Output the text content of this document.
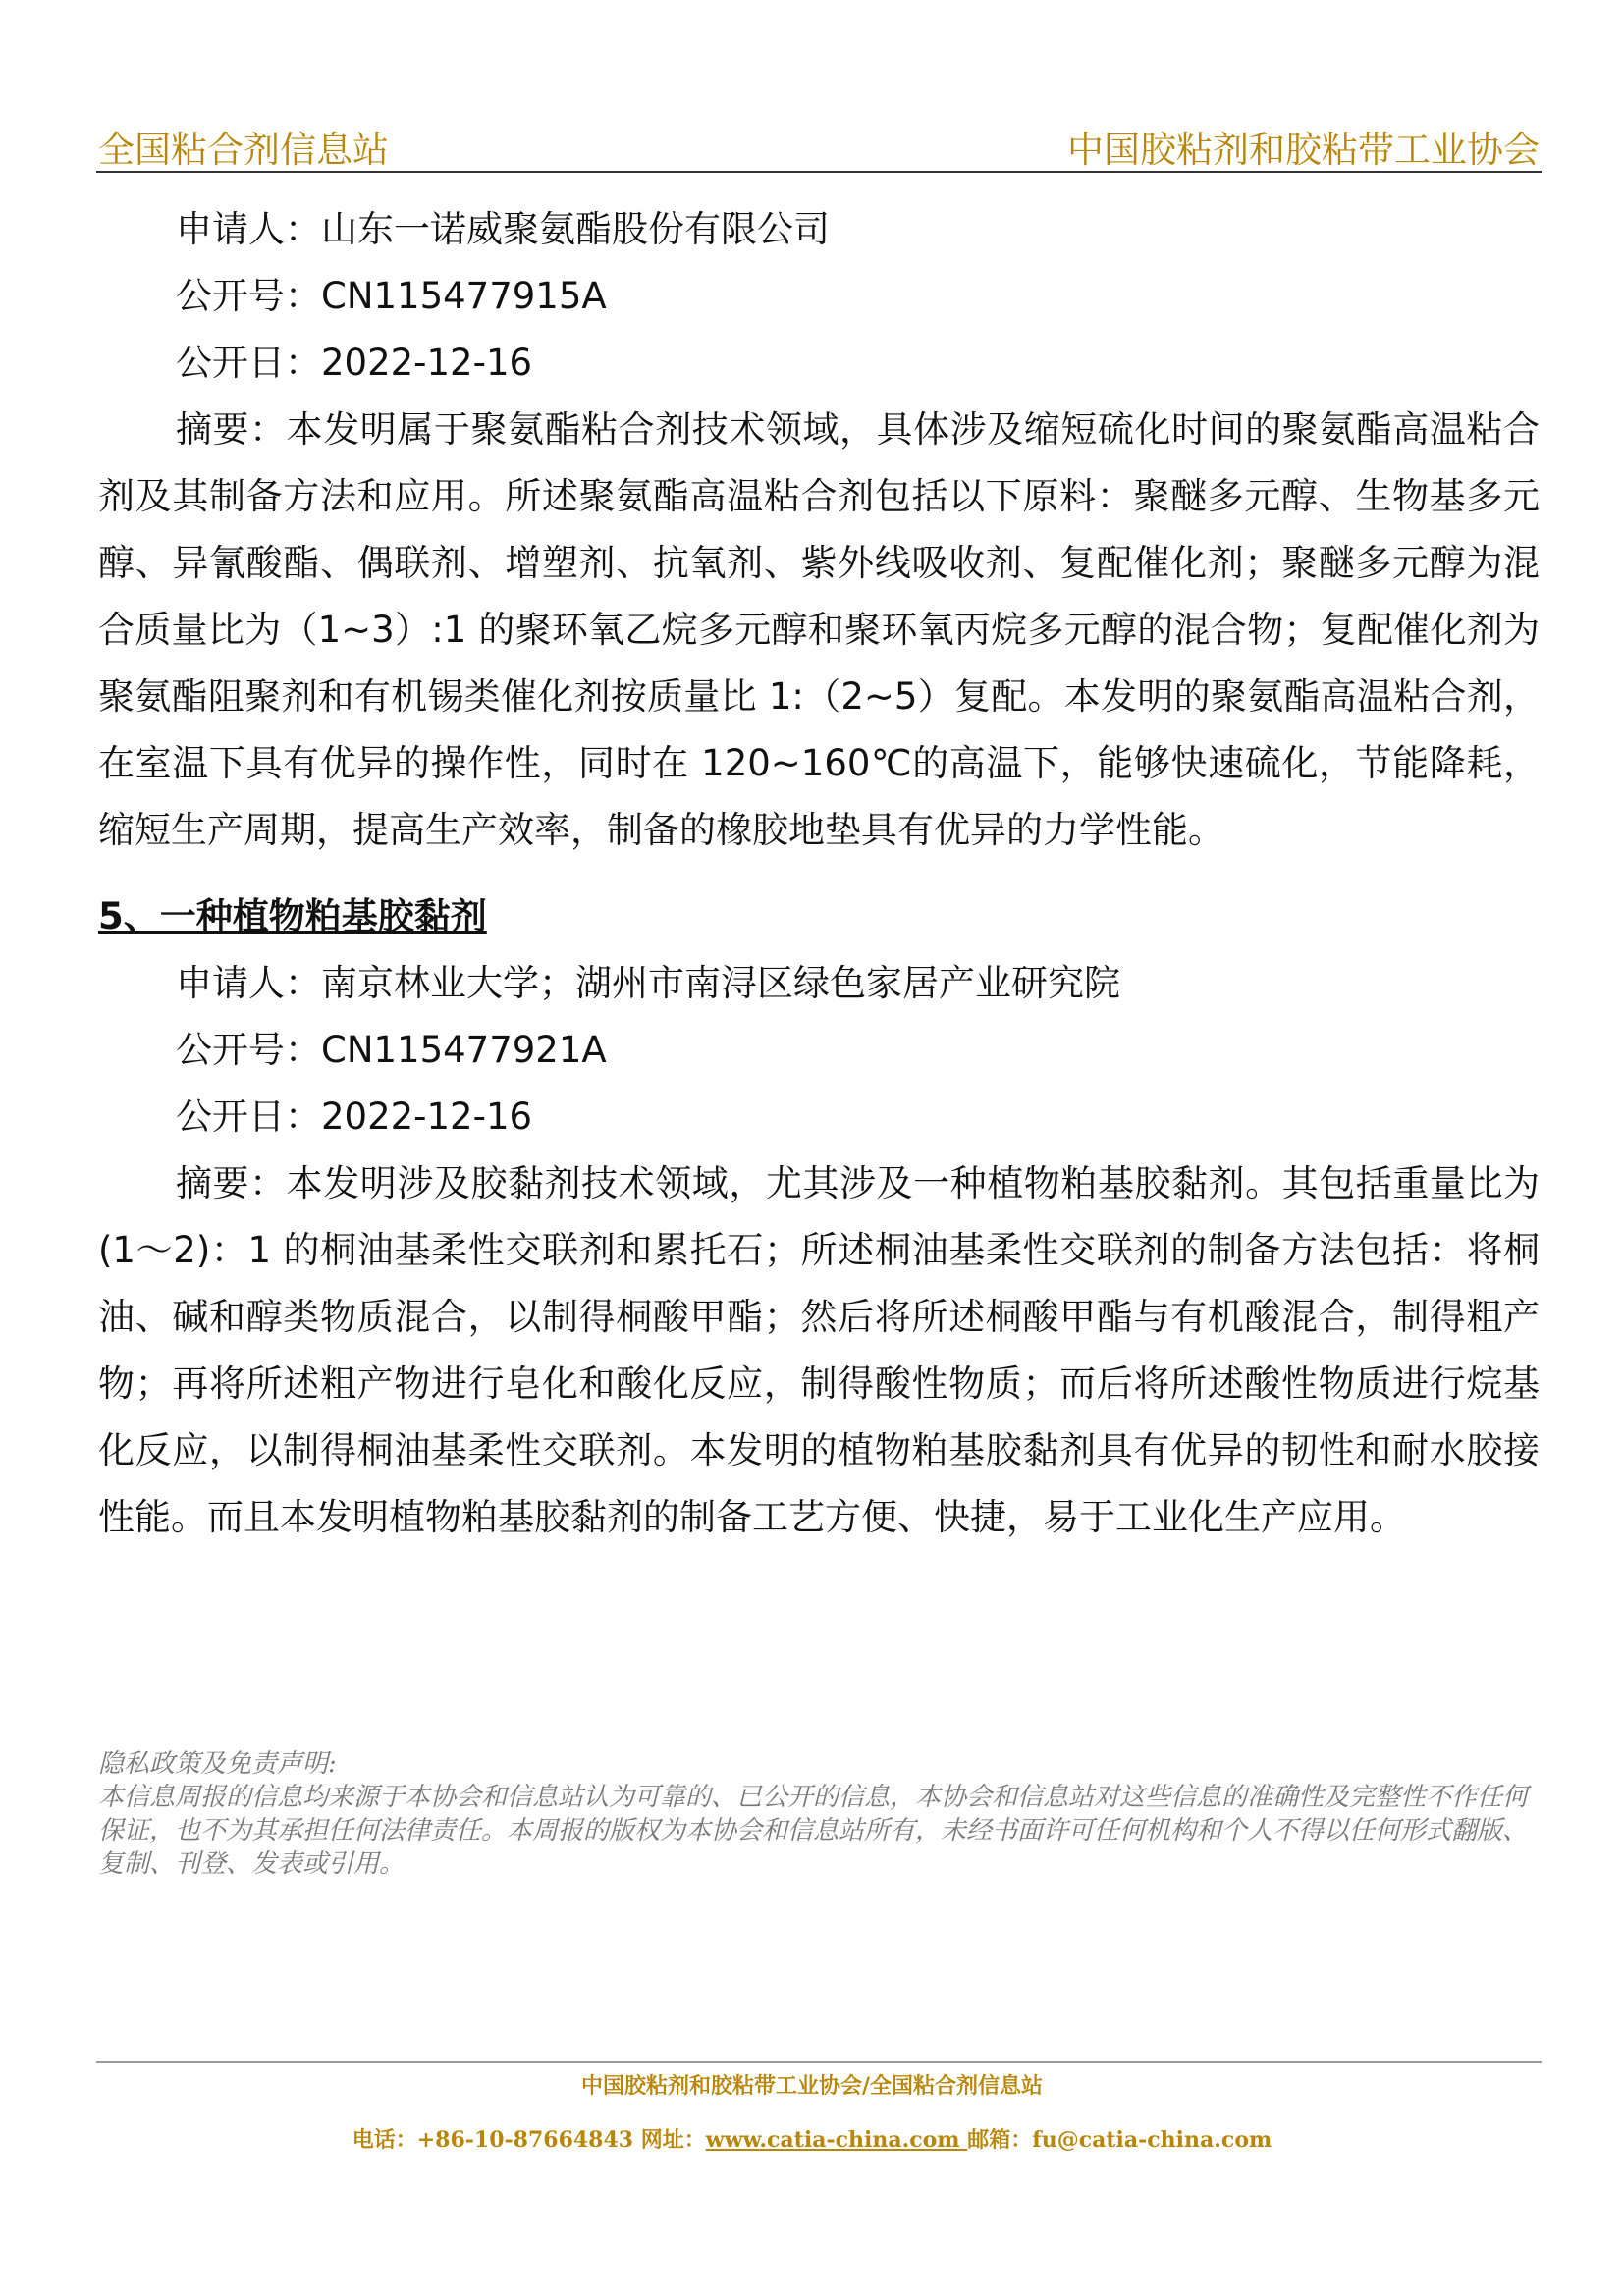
全国粘合剂信息站	中国胶粘剂和胶粘带工业协会
申请人：山东一诺威聚氨酯股份有限公司
公开号：CN115477915A
公开日：2022-12-16

摘要：本发明属于聚氨酯粘合剂技术领域，具体涉及缩短硫化时间的聚氨酯高温粘合剂及其制备方法和应用。所述聚氨酯高温粘合剂包括以下原料：聚醚多元醇、生物基多元醇、异氰酸酯、偶联剂、增塑剂、抗氧剂、紫外线吸收剂、复配催化剂；聚醚多元醇为混合质量比为（1~3）:1 的聚环氧乙烷多元醇和聚环氧丙烷多元醇的混合物；复配催化剂为聚氨酯阻聚剂和有机锡类催化剂按质量比 1:（2~5）复配。本发明的聚氨酯高温粘合剂，在室温下具有优异的操作性，同时在 120~160℃的高温下，能够快速硫化，节能降耗，缩短生产周期，提高生产效率，制备的橡胶地垫具有优异的力学性能。

5、一种植物粕基胶黏剂
申请人：南京林业大学；湖州市南浔区绿色家居产业研究院
公开号：CN115477921A
公开日：2022-12-16

摘要：本发明涉及胶黏剂技术领域，尤其涉及一种植物粕基胶黏剂。其包括重量比为(1～2)：1 的桐油基柔性交联剂和累托石；所述桐油基柔性交联剂的制备方法包括：将桐油、碱和醇类物质混合，以制得桐酸甲酯；然后将所述桐酸甲酯与有机酸混合，制得粗产物；再将所述粗产物进行皂化和酸化反应，制得酸性物质；而后将所述酸性物质进行烷基化反应，以制得桐油基柔性交联剂。本发明的植物粕基胶黏剂具有优异的韧性和耐水胶接性能。而且本发明植物粕基胶黏剂的制备工艺方便、快捷，易于工业化生产应用。

隐私政策及免责声明:

本信息周报的信息均来源于本协会和信息站认为可靠的、已公开的信息，本协会和信息站对这些信息的准确性及完整性不作任何保证，也不为其承担任何法律责任。本周报的版权为本协会和信息站所有，未经书面许可任何机构和个人不得以任何形式翻版、复制、刊登、发表或引用。

中国胶粘剂和胶粘带工业协会/全国粘合剂信息站
电话：+86-10-87664843 网址：www.catia-china.com 邮箱：fu@catia-china.com
